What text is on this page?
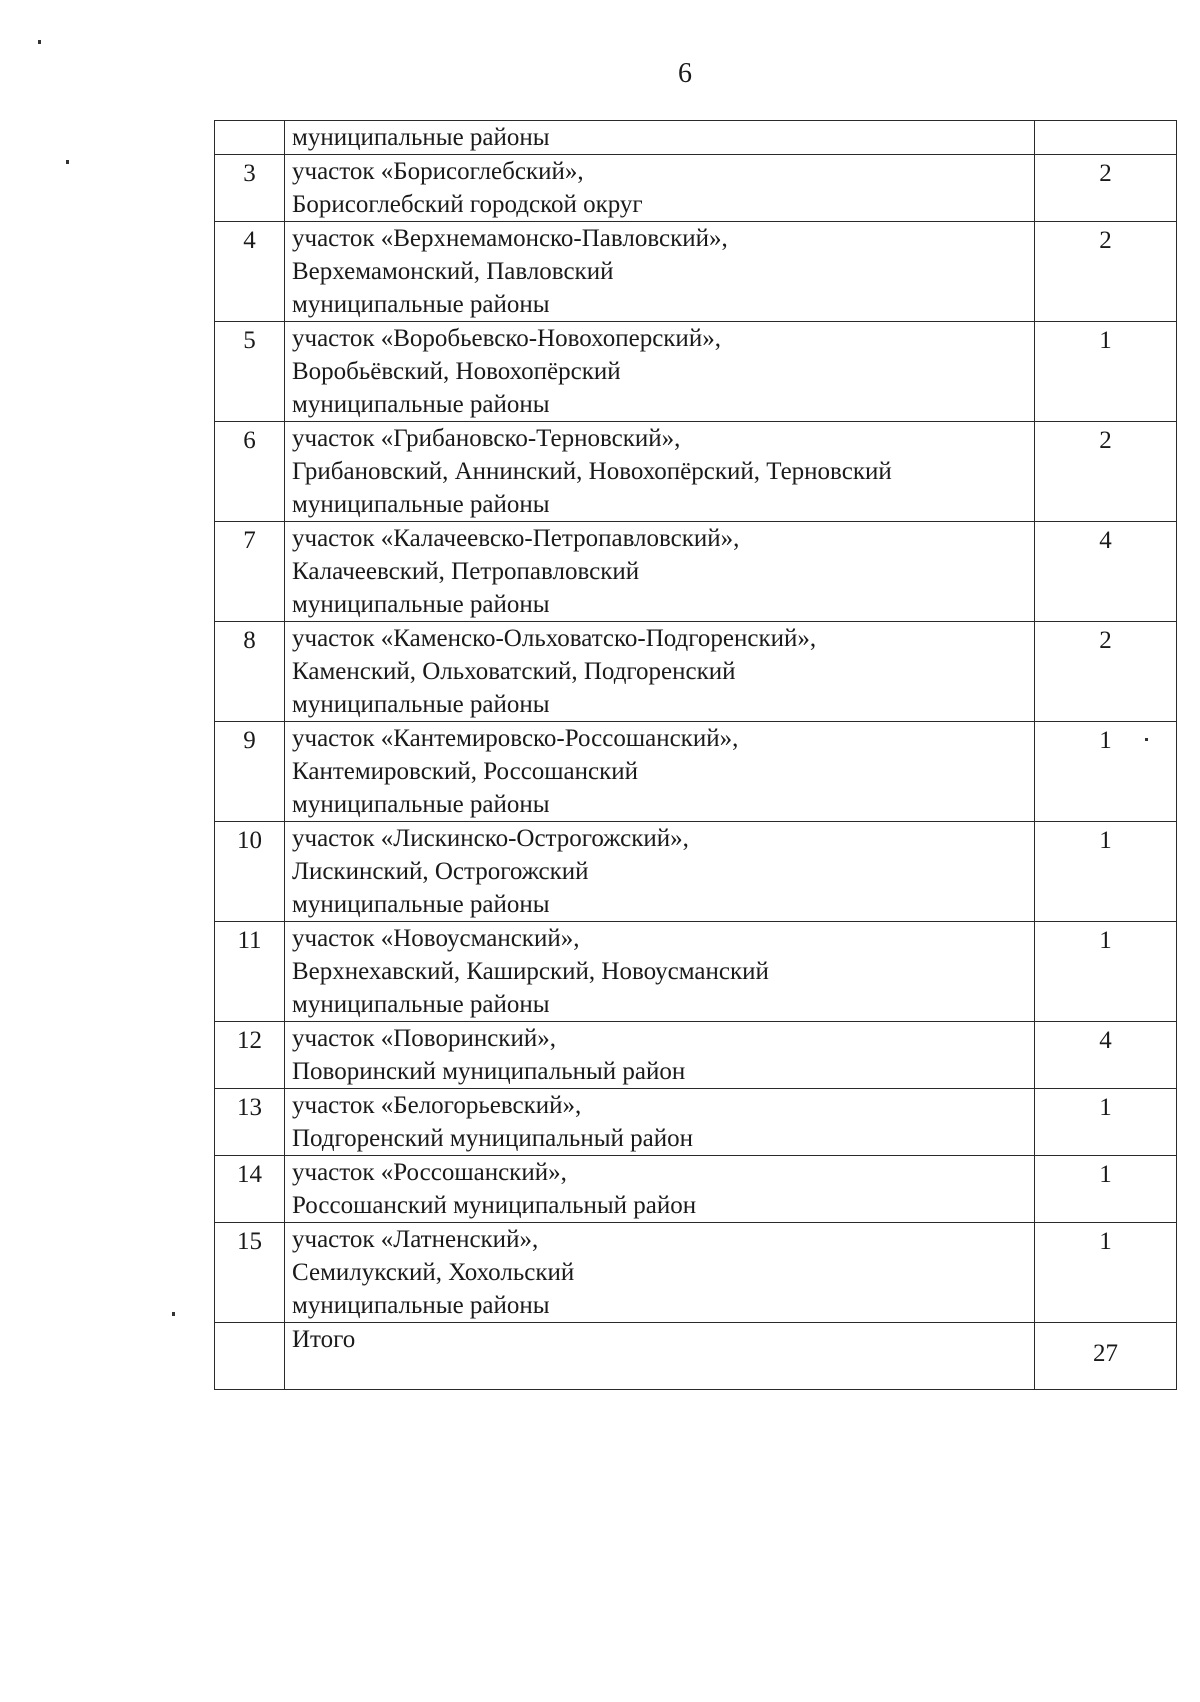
6

	муниципальные районы	

3	участок «Борисоглебский»,
Борисоглебский городской округ	2
4	участок «Верхнемамонско-Павловский»,
Верхемамонский, Павловский
муниципальные районы	2
5	участок «Воробьевско-Новохоперский»,
Воробьёвский, Новохопёрский
муниципальные районы	1
6	участок «Грибановско-Терновский»,
Грибановский, Аннинский, Новохопёрский, Терновский
муниципальные районы	2
7	участок «Калачеевско-Петропавловский»,
Калачеевский, Петропавловский
муниципальные районы	4
8	участок «Каменско-Ольховатско-Подгоренский»,
Каменский, Ольховатский, Подгоренский
муниципальные районы	2
9	участок «Кантемировско-Россошанский»,
Кантемировский, Россошанский
муниципальные районы	1
10	участок «Лискинско-Острогожский»,
Лискинский, Острогожский
муниципальные районы	1
11	участок «Новоусманский»,
Верхнехавский, Каширский, Новоусманский
муниципальные районы	1
12	участок «Поворинский»,
Поворинский муниципальный район	4
13	участок «Белогорьевский»,
Подгоренский муниципальный район	1
14	участок «Россошанский»,
Россошанский муниципальный район	1
15	участок «Латненский»,
Семилукский, Хохольский
муниципальные районы	1
	Итого	27
